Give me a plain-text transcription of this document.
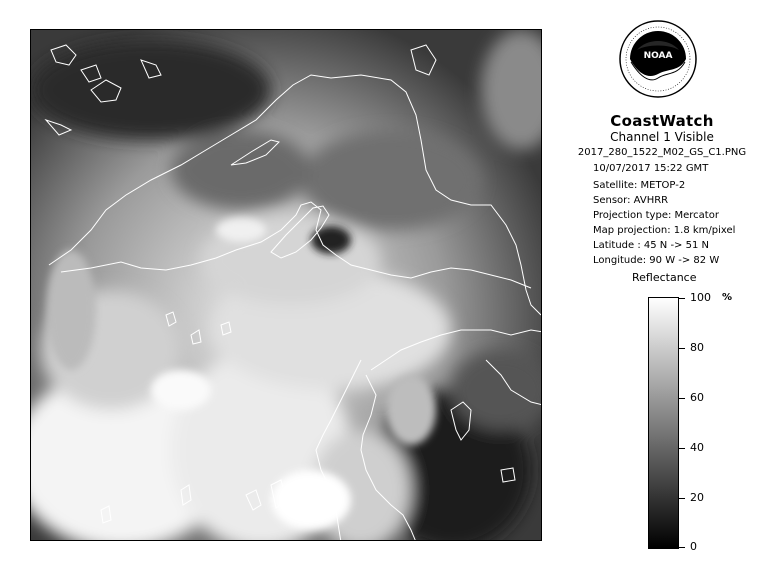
NOAA
CoastWatch
Channel 1 Visible
2017_280_1522_M02_GS_C1.PNG
10/07/2017 15:22 GMT
Satellite: METOP-2
Sensor: AVHRR
Projection type: Mercator
Map projection: 1.8 km/pixel
Latitude : 45 N -> 51 N
Longitude: 90 W -> 82 W
Reflectance
%
100
80
60
40
20
0
